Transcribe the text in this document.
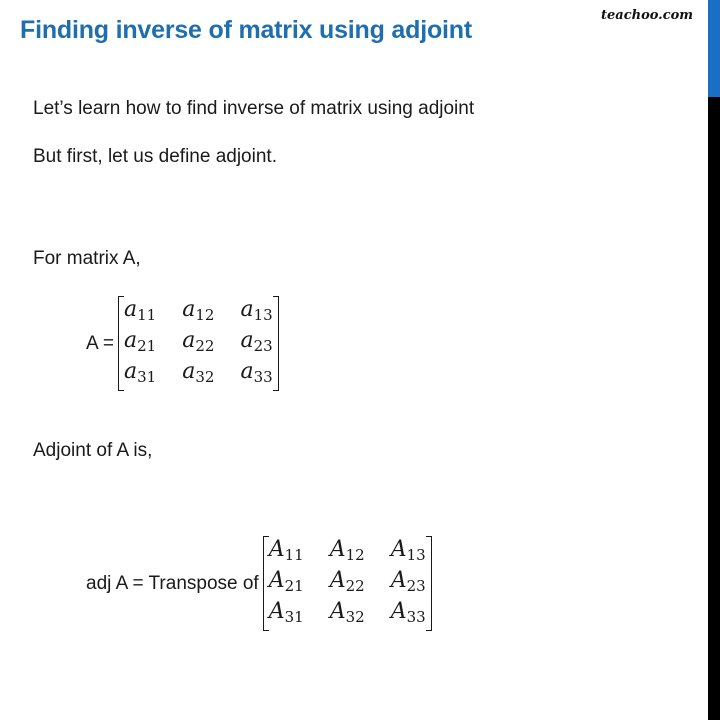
Finding inverse of matrix using adjoint
teachoo.com
Let’s learn how to find inverse of matrix using adjoint
But first, let us define adjoint.
For matrix A,
A =
$a_{11}$ $a_{12}$ $a_{13}$
$a_{21}$ $a_{22}$ $a_{23}$
$a_{31}$ $a_{32}$ $a_{33}$
Adjoint of A is,
adj A = Transpose of
$A_{11}$ $A_{12}$ $A_{13}$
$A_{21}$ $A_{22}$ $A_{23}$
$A_{31}$ $A_{32}$ $A_{33}$
